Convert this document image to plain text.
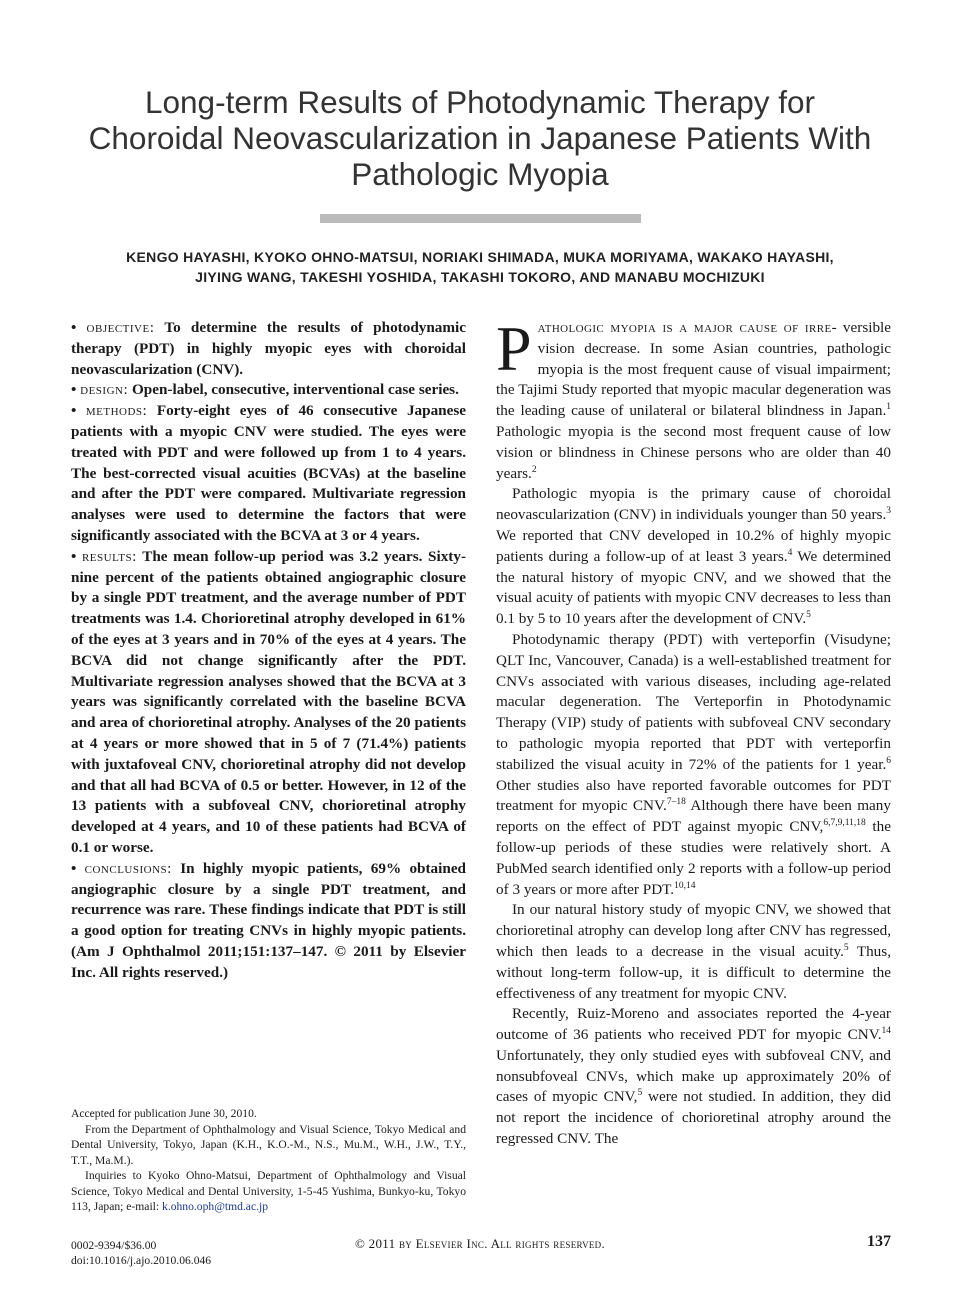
Long-term Results of Photodynamic Therapy for
Choroidal Neovascularization in Japanese Patients With
Pathologic Myopia
KENGO HAYASHI, KYOKO OHNO-MATSUI, NORIAKI SHIMADA, MUKA MORIYAMA, WAKAKO HAYASHI,
JIYING WANG, TAKESHI YOSHIDA, TAKASHI TOKORO, AND MANABU MOCHIZUKI

• objective: To determine the results of photodynamic therapy (PDT) in highly myopic eyes with choroidal neovascularization (CNV).

• design: Open-label, consecutive, interventional case series.

• methods: Forty-eight eyes of 46 consecutive Japanese patients with a myopic CNV were studied. The eyes were treated with PDT and were followed up from 1 to 4 years. The best-corrected visual acuities (BCVAs) at the baseline and after the PDT were compared. Multivariate regression analyses were used to determine the factors that were significantly associated with the BCVA at 3 or 4 years.

• results: The mean follow-up period was 3.2 years. Sixty-nine percent of the patients obtained angiographic closure by a single PDT treatment, and the average number of PDT treatments was 1.4. Chorioretinal atrophy developed in 61% of the eyes at 3 years and in 70% of the eyes at 4 years. The BCVA did not change significantly after the PDT. Multivariate regression analyses showed that the BCVA at 3 years was significantly correlated with the baseline BCVA and area of chorioretinal atrophy. Analyses of the 20 patients at 4 years or more showed that in 5 of 7 (71.4%) patients with juxtafoveal CNV, chorioretinal atrophy did not develop and that all had BCVA of 0.5 or better. However, in 12 of the 13 patients with a subfoveal CNV, chorioretinal atrophy developed at 4 years, and 10 of these patients had BCVA of 0.1 or worse.

• conclusions: In highly myopic patients, 69% obtained angiographic closure by a single PDT treatment, and recurrence was rare. These findings indicate that PDT is still a good option for treating CNVs in highly myopic patients. (Am J Ophthalmol 2011;151:137–147. © 2011 by Elsevier Inc. All rights reserved.)

Accepted for publication June 30, 2010.

From the Department of Ophthalmology and Visual Science, Tokyo Medical and Dental University, Tokyo, Japan (K.H., K.O.-M., N.S., Mu.M., W.H., J.W., T.Y., T.T., Ma.M.).

Inquiries to Kyoko Ohno-Matsui, Department of Ophthalmology and Visual Science, Tokyo Medical and Dental University, 1-5-45 Yushima, Bunkyo-ku, Tokyo 113, Japan; e-mail: k.ohno.oph@tmd.ac.jp

Pathologic myopia is a major cause of irre- versible vision decrease. In some Asian countries, pathologic myopia is the most frequent cause of visual impairment; the Tajimi Study reported that myopic macular degeneration was the leading cause of unilateral or bilateral blindness in Japan.$^1$ Pathologic myopia is the second most frequent cause of low vision or blindness in Chinese persons who are older than 40 years.$^2$

Pathologic myopia is the primary cause of choroidal neovascularization (CNV) in individuals younger than 50 years.$^3$ We reported that CNV developed in 10.2% of highly myopic patients during a follow-up of at least 3 years.$^4$ We determined the natural history of myopic CNV, and we showed that the visual acuity of patients with myopic CNV decreases to less than 0.1 by 5 to 10 years after the development of CNV.$^5$

Photodynamic therapy (PDT) with verteporfin (Visudyne; QLT Inc, Vancouver, Canada) is a well-established treatment for CNVs associated with various diseases, including age-related macular degeneration. The Verteporfin in Photodynamic Therapy (VIP) study of patients with subfoveal CNV secondary to pathologic myopia reported that PDT with verteporfin stabilized the visual acuity in 72% of the patients for 1 year.$^6$ Other studies also have reported favorable outcomes for PDT treatment for myopic CNV.$^{7-18}$ Although there have been many reports on the effect of PDT against myopic CNV,$^{6,7,9,11,18}$ the follow-up periods of these studies were relatively short. A PubMed search identified only 2 reports with a follow-up period of 3 years or more after PDT.$^{10,14}$

In our natural history study of myopic CNV, we showed that chorioretinal atrophy can develop long after CNV has regressed, which then leads to a decrease in the visual acuity.$^5$ Thus, without long-term follow-up, it is difficult to determine the effectiveness of any treatment for myopic CNV.

Recently, Ruiz-Moreno and associates reported the 4-year outcome of 36 patients who received PDT for myopic CNV.$^{14}$ Unfortunately, they only studied eyes with subfoveal CNV, and nonsubfoveal CNVs, which make up approximately 20% of cases of myopic CNV,$^5$ were not studied. In addition, they did not report the incidence of chorioretinal atrophy around the regressed CNV. The

0002-9394/$36.00
doi:10.1016/j.ajo.2010.06.046
© 2011 by Elsevier Inc. All rights reserved.	137
